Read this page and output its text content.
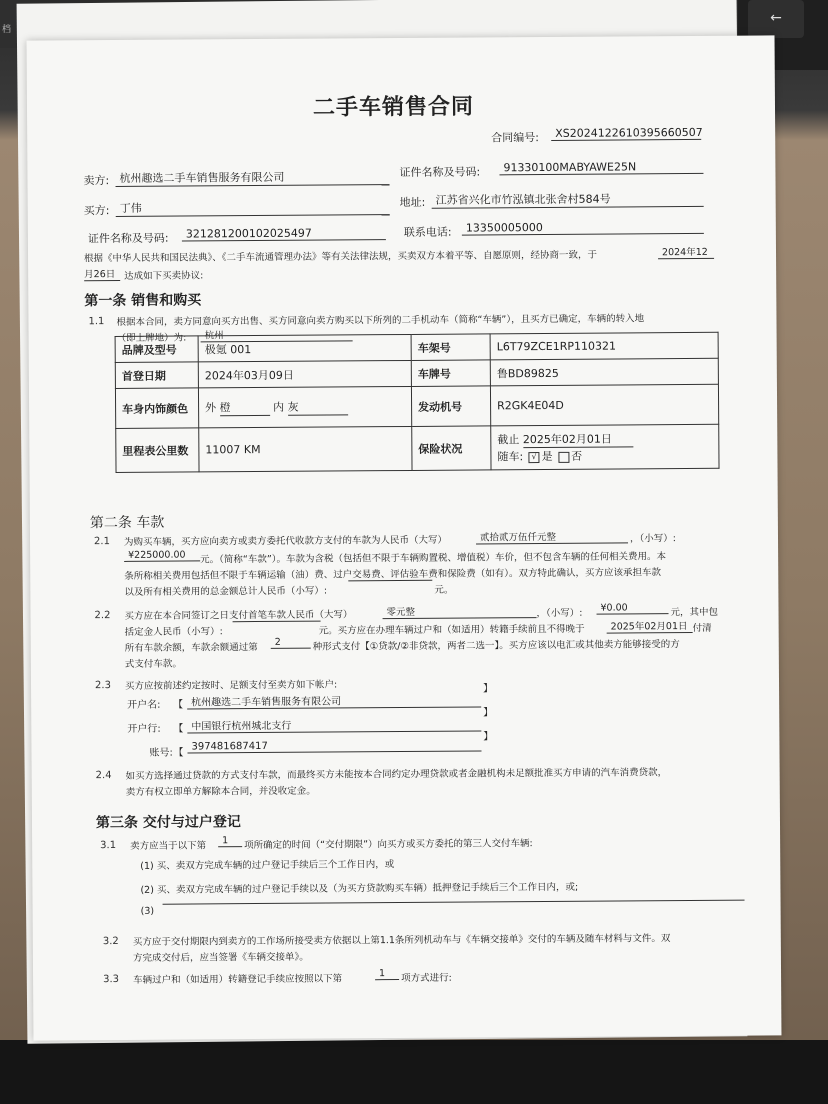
档
←
二手车销售合同
合同编号:	XS2024122610395660507
卖方: 杭州趣选二手车销售服务有限公司	证件名称及号码:	91330100MABYAWE25N
买方: 丁伟	地址: 江苏省兴化市竹泓镇北张舍村584号
证件名称及号码:	321281200102025497	联系电话:	13350005000
根据《中华人民共和国民法典》、《二手车流通管理办法》等有关法律法规，买卖双方本着平等、自愿原则，经协商一致，于	2024年12
月26日 达成如下买卖协议:
第一条 销售和购买
1.1 根据本合同，卖方同意向买方出售、买方同意向卖方购买以下所列的二手机动车（简称“车辆”），且买方已确定，车辆的转入地
（即上牌地）为:	杭州
品牌及型号	极氪 001	车架号	L6T79ZCE1RP110321
首登日期	2024年03月09日	车牌号	鲁BD89825
车身内饰颜色	外 橙 内 灰	发动机号	R2GK4E04D
里程表公里数	11007 KM	保险状况	截止 2025年02月01日
随车: √ 是 否
第二条 车款
2.1 为购买车辆，买方应向卖方或卖方委托代收款方支付的车款为人民币（大写）	贰拾贰万伍仟元整	，（小写）:
¥225000.00	元。（简称“车款”）。车款为含税（包括但不限于车辆购置税、增值税）车价，但不包含车辆的任何相关费用。本
条所称相关费用包括但不限于车辆运输（油）费、过户交易费、评估验车费和保险费（如有）。双方特此确认，买方应该承担车款
以及所有相关费用的总金额总计人民币（小写）:	元。
2.2 买方应在本合同签订之日支付首笔车款人民币（大写）	零元整	，（小写）:	¥0.00	元，其中包
括定金人民币（小写）:	元。买方应在办理车辆过户和（如适用）转籍手续前且不得晚于	2025年02月01日 付清
所有车款余额，车款余额通过第	2	种形式支付【①贷款/②非贷款，两者二选一】。买方应该以电汇或其他卖方能够接受的方
式支付车款。
2.3 买方应按前述约定按时、足额支付至卖方如下帐户:
开户名: 【 杭州趣选二手车销售服务有限公司
】
开户行: 【 中国银行杭州城北支行
】
账号: 【
397481687417
】
2.4 如买方选择通过贷款的方式支付车款，而最终买方未能按本合同约定办理贷款或者金融机构未足额批准买方申请的汽车消费贷款，
卖方有权立即单方解除本合同，并没收定金。
第三条 交付与过户登记
3.1 卖方应当于以下第	1	项所确定的时间（“交付期限”）向买方或买方委托的第三人交付车辆:
(1) 买、卖双方完成车辆的过户登记手续后三个工作日内，或
(2) 买、卖双方完成车辆的过户登记手续以及（为买方贷款购买车辆）抵押登记手续后三个工作日内，或;
(3)
3.2 买方应于交付期限内到卖方的工作场所接受卖方依据以上第1.1条所列机动车与《车辆交接单》交付的车辆及随车材料与文件。双
方完成交付后，应当签署《车辆交接单》。
3.3 车辆过户和（如适用）转籍登记手续应按照以下第	1	项方式进行:
